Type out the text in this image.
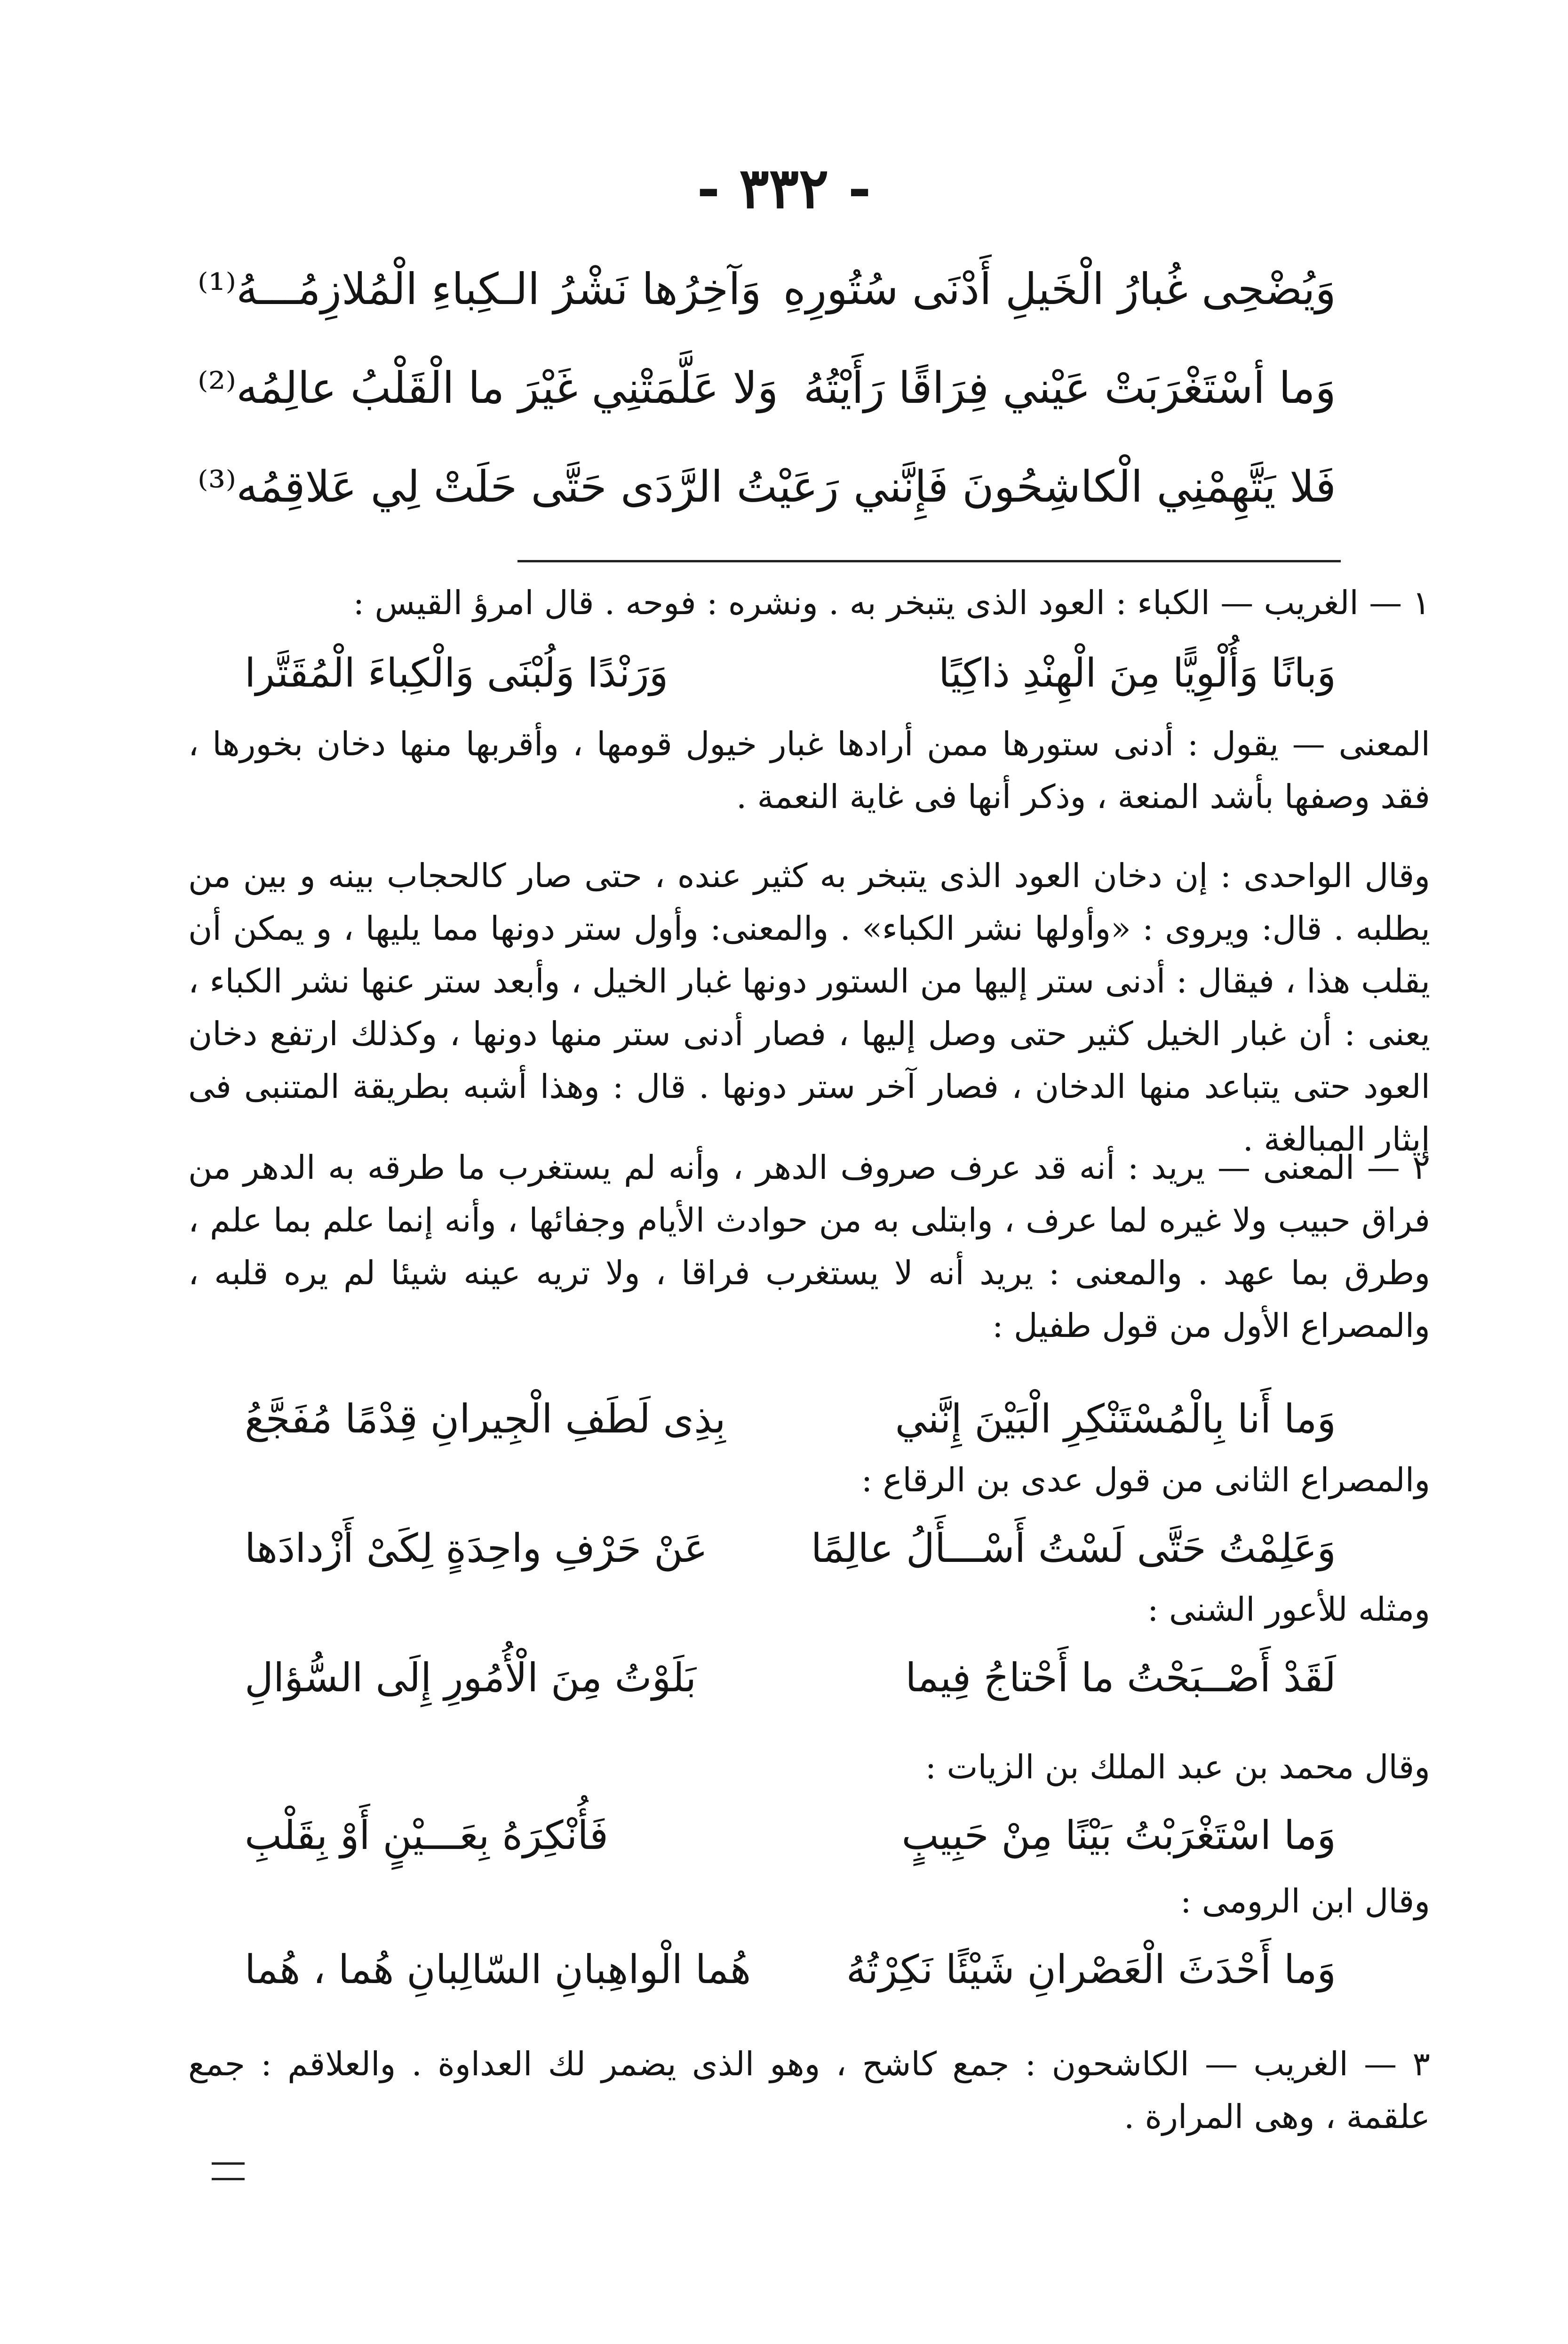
- ٣٣٢ -
وَيُضْحِى غُبارُ الْخَيلِ أَدْنَى سُتُورِهِ
وَآخِرُها نَشْرُ الـكِباءِ الْمُلازِمُـــهُ⁽¹⁾
وَما أسْتَغْرَبَتْ عَيْني فِرَاقًا رَأَيْتُهُ
وَلا عَلَّمَتْنِي غَيْرَ ما الْقَلْبُ عالِمُه⁽²⁾
فَلا يَتَّهِمْنِي الْكاشِحُونَ فَإِنَّني
رَعَيْتُ الرَّدَى حَتَّى حَلَتْ لِي عَلاقِمُه⁽³⁾
١ — الغريب — الكباء : العود الذى يتبخر به . ونشره : فوحه . قال امرؤ القيس :
وَبانًا وَأُلْوِيًّا مِنَ الْهِنْدِ ذاكِيًا
وَرَنْدًا وَلُبْنَى وَالْكِباءَ الْمُقَتَّرا
المعنى — يقول : أدنى ستورها ممن أرادها غبار خيول قومها ، وأقربها منها دخان بخورها ، فقد وصفها بأشد المنعة ، وذكر أنها فى غاية النعمة .
وقال الواحدى : إن دخان العود الذى يتبخر به كثير عنده ، حتى صار كالحجاب بينه و بين من يطلبه . قال: ويروى : «وأولها نشر الكباء» . والمعنى: وأول ستر دونها مما يليها ، و يمكن أن يقلب هذا ، فيقال : أدنى ستر إليها من الستور دونها غبار الخيل ، وأبعد ستر عنها نشر الكباء ، يعنى : أن غبار الخيل كثير حتى وصل إليها ، فصار أدنى ستر منها دونها ، وكذلك ارتفع دخان العود حتى يتباعد منها الدخان ، فصار آخر ستر دونها . قال : وهذا أشبه بطريقة المتنبى فى إيثار المبالغة .
٢ — المعنى — يريد : أنه قد عرف صروف الدهر ، وأنه لم يستغرب ما طرقه به الدهر من فراق حبيب ولا غيره لما عرف ، وابتلى به من حوادث الأيام وجفائها ، وأنه إنما علم بما علم ، وطرق بما عهد . والمعنى : يريد أنه لا يستغرب فراقا ، ولا تريه عينه شيئا لم يره قلبه ، والمصراع الأول من قول طفيل :
وَما أَنا بِالْمُسْتَنْكِرِ الْبَيْنَ إِنَّني
بِذِى لَطَفِ الْجِيرانِ قِدْمًا مُفَجَّعُ
والمصراع الثانى من قول عدى بن الرقاع :
وَعَلِمْتُ حَتَّى لَسْتُ أَسْـــأَلُ عالِمًا
عَنْ حَرْفِ واحِدَةٍ لِكَىْ أَزْدادَها
ومثله للأعور الشنى :
لَقَدْ أَصْــبَحْتُ ما أَحْتاجُ فِيما
بَلَوْتُ مِنَ الْأُمُورِ إِلَى السُّؤالِ
وقال محمد بن عبد الملك بن الزيات :
وَما اسْتَغْرَبْتُ بَيْنًا مِنْ حَبِيبٍ
فَأُنْكِرَهُ بِعَـــيْنٍ أَوْ بِقَلْبِ
وقال ابن الرومى :
وَما أَحْدَثَ الْعَصْرانِ شَيْئًا نَكِرْتُهُ
هُما الْواهِبانِ السّالِبانِ هُما ، هُما
٣ — الغريب — الكاشحون : جمع كاشح ، وهو الذى يضمر لك العداوة . والعلاقم : جمع علقمة ، وهى المرارة .
